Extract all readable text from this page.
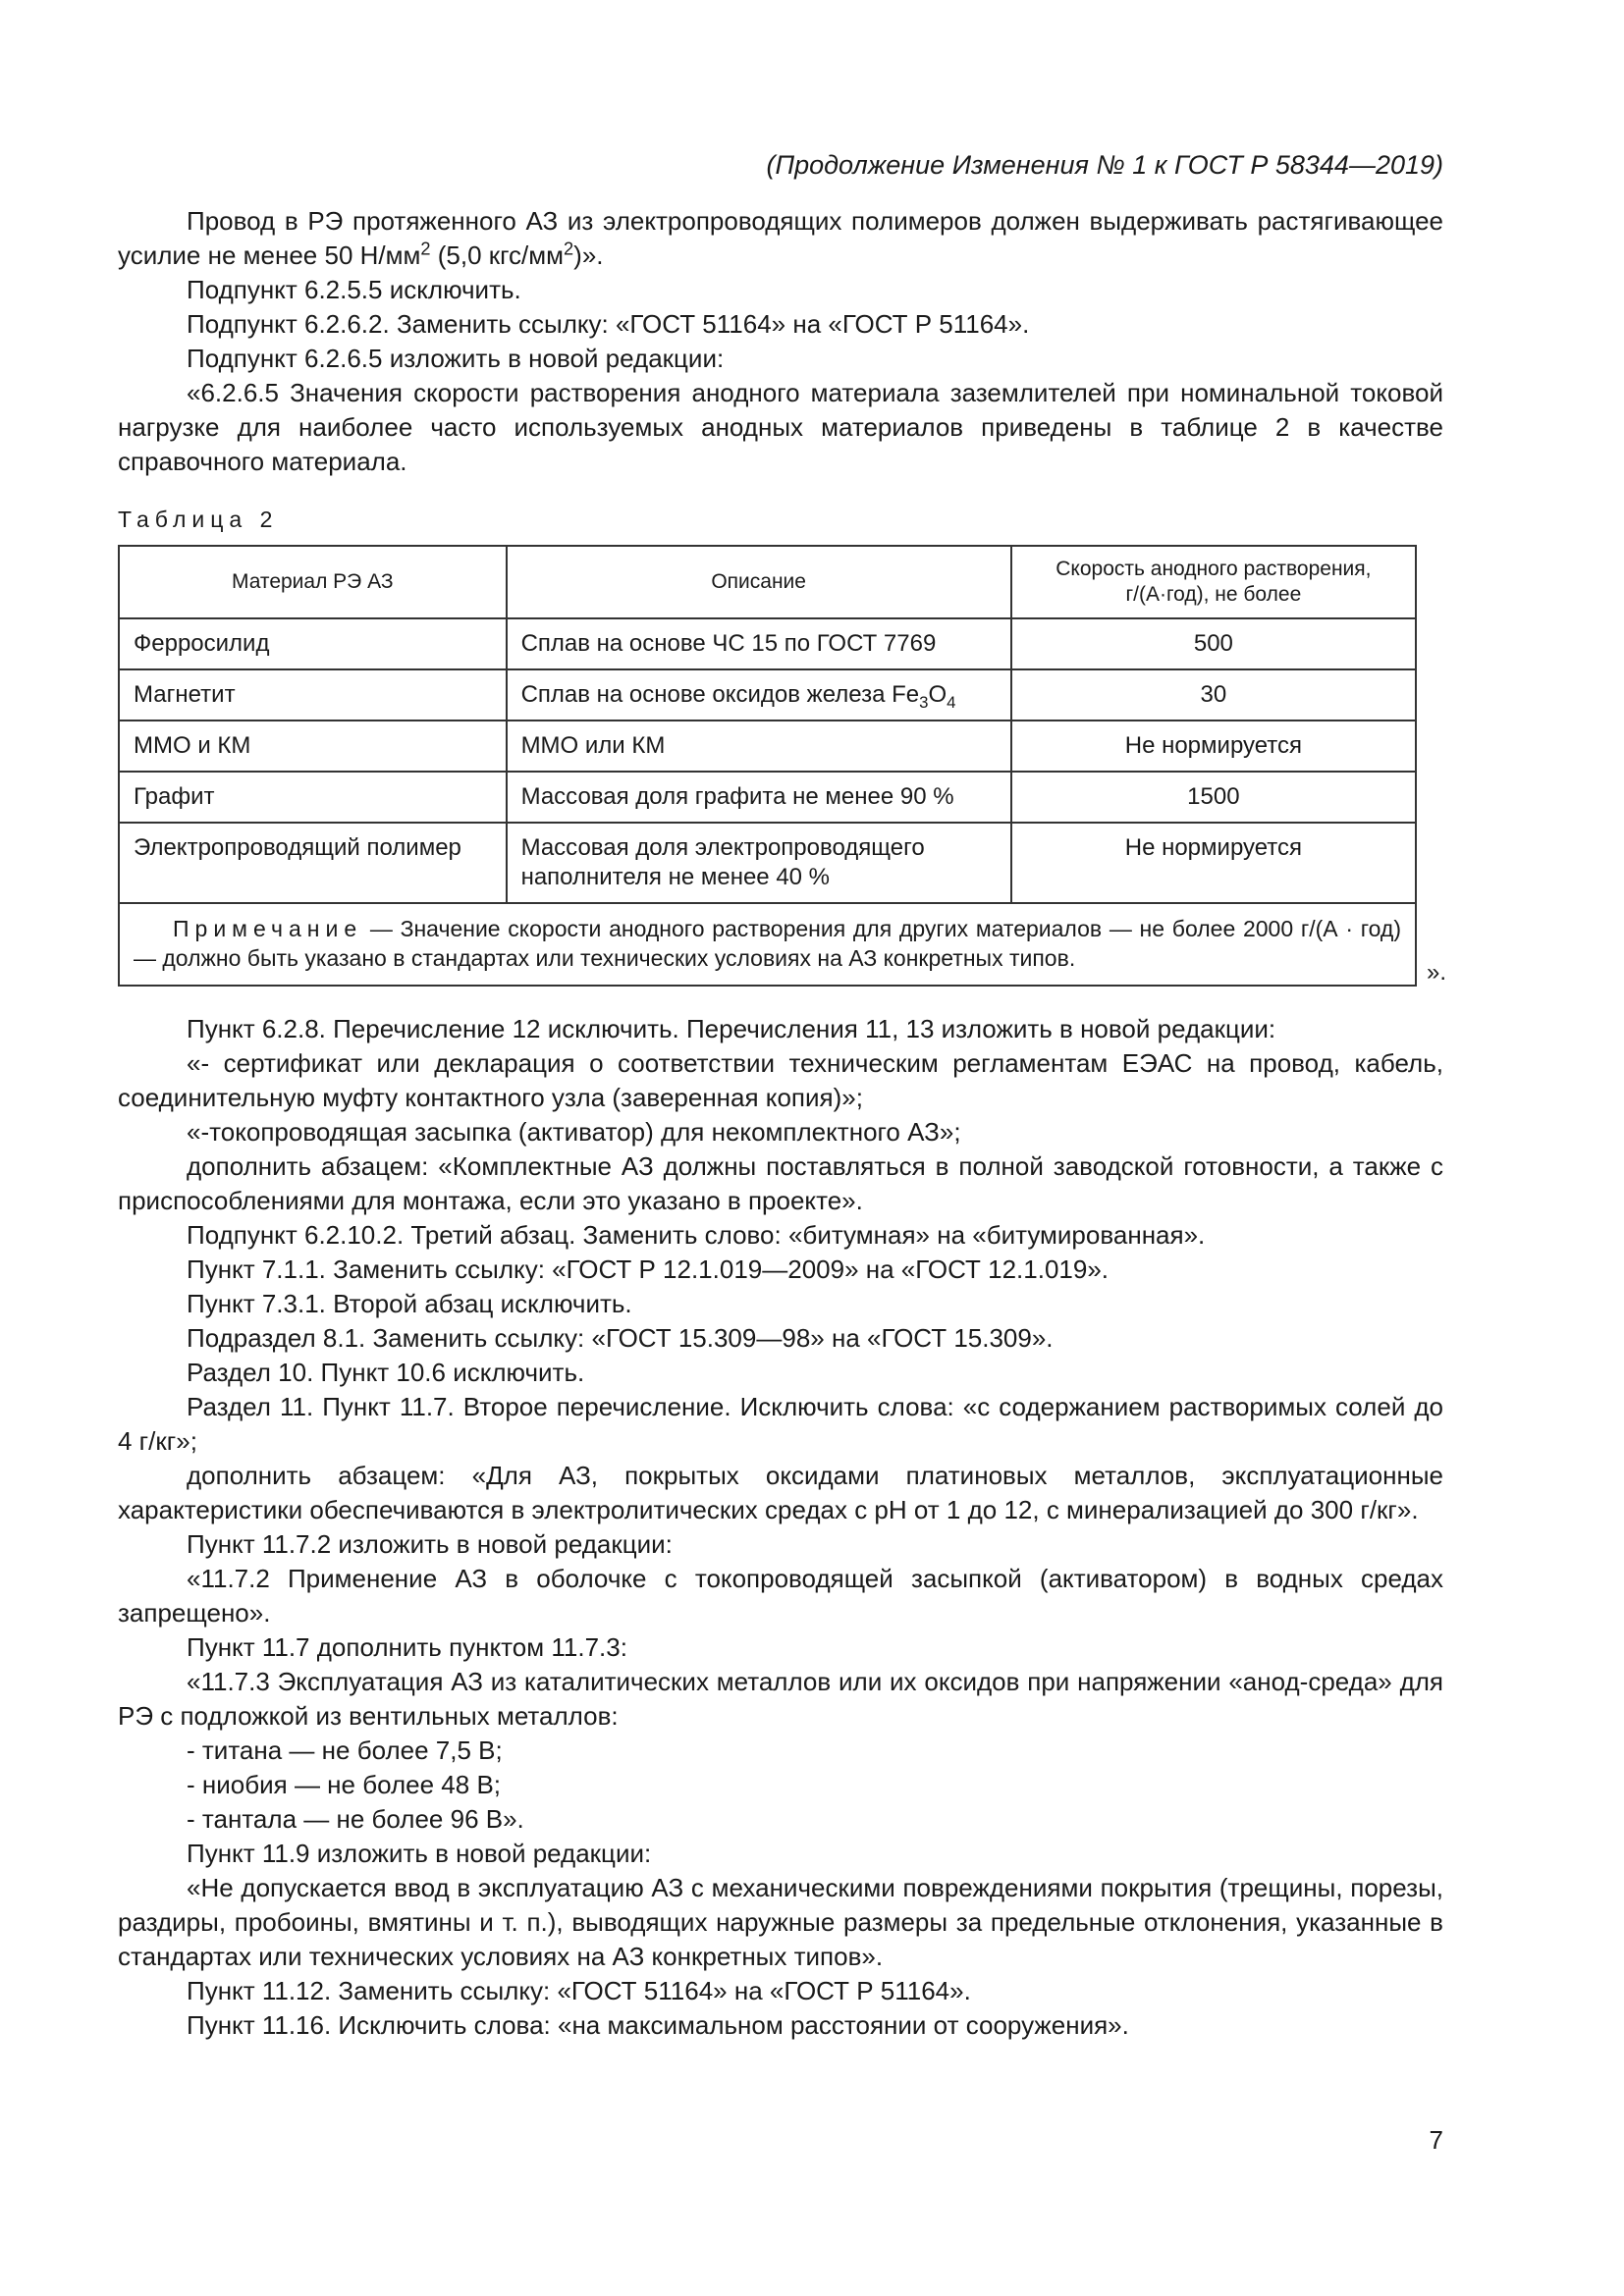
(Продолжение Изменения № 1 к ГОСТ Р 58344—2019)

Провод в РЭ протяженного АЗ из электропроводящих полимеров должен выдерживать растягивающее усилие не менее 50 $Н/мм^2$ (5,0 кгс/$мм^2$)».

Подпункт 6.2.5.5 исключить.

Подпункт 6.2.6.2. Заменить ссылку: «ГОСТ 51164» на «ГОСТ Р 51164».

Подпункт 6.2.6.5 изложить в новой редакции:

«6.2.6.5 Значения скорости растворения анодного материала заземлителей при номинальной токовой нагрузке для наиболее часто используемых анодных материалов приведены в таблице 2 в качестве справочного материала.

Таблица 2
Материал РЭ АЗ	Описание	Скорость анодного растворения, г/(А·год), не более
Ферросилид	Сплав на основе ЧС 15 по ГОСТ 7769	500
Магнетит	Сплав на основе оксидов железа $Fe_3O_4$	30
ММО и КМ	ММО или КМ	Не нормируется
Графит	Массовая доля графита не менее 90 %	1500
Электропроводящий полимер	Массовая доля электропроводящего наполнителя не менее 40 %	Не нормируется
Примечание — Значение скорости анодного растворения для других материалов — не более 2000 г/(А · год) — должно быть указано в стандартах или технических условиях на АЗ конкретных типов.		
».

Пункт 6.2.8. Перечисление 12 исключить. Перечисления 11, 13 изложить в новой редакции:

«- сертификат или декларация о соответствии техническим регламентам ЕЭАС на провод, кабель, соединительную муфту контактного узла (заверенная копия)»;

«-токопроводящая засыпка (активатор) для некомплектного АЗ»;

дополнить абзацем: «Комплектные АЗ должны поставляться в полной заводской готовности, а также с приспособлениями для монтажа, если это указано в проекте».

Подпункт 6.2.10.2. Третий абзац. Заменить слово: «битумная» на «битумированная».

Пункт 7.1.1. Заменить ссылку: «ГОСТ Р 12.1.019—2009» на «ГОСТ 12.1.019».

Пункт 7.3.1. Второй абзац исключить.

Подраздел 8.1. Заменить ссылку: «ГОСТ 15.309—98» на «ГОСТ 15.309».

Раздел 10. Пункт 10.6 исключить.

Раздел 11. Пункт 11.7. Второе перечисление. Исключить слова: «с содержанием растворимых солей до 4 г/кг»;

дополнить абзацем: «Для АЗ, покрытых оксидами платиновых металлов, эксплуатационные характеристики обеспечиваются в электролитических средах с pH от 1 до 12, с минерализацией до 300 г/кг».

Пункт 11.7.2 изложить в новой редакции:

«11.7.2 Применение АЗ в оболочке с токопроводящей засыпкой (активатором) в водных средах запрещено».

Пункт 11.7 дополнить пунктом 11.7.3:

«11.7.3 Эксплуатация АЗ из каталитических металлов или их оксидов при напряжении «анод-среда» для РЭ с подложкой из вентильных металлов:

- титана — не более 7,5 В;

- ниобия — не более 48 В;

- тантала — не более 96 В».

Пункт 11.9 изложить в новой редакции:

«Не допускается ввод в эксплуатацию АЗ с механическими повреждениями покрытия (трещины, порезы, раздиры, пробоины, вмятины и т. п.), выводящих наружные размеры за предельные отклонения, указанные в стандартах или технических условиях на АЗ конкретных типов».

Пункт 11.12. Заменить ссылку: «ГОСТ 51164» на «ГОСТ Р 51164».

Пункт 11.16. Исключить слова: «на максимальном расстоянии от сооружения».

7
